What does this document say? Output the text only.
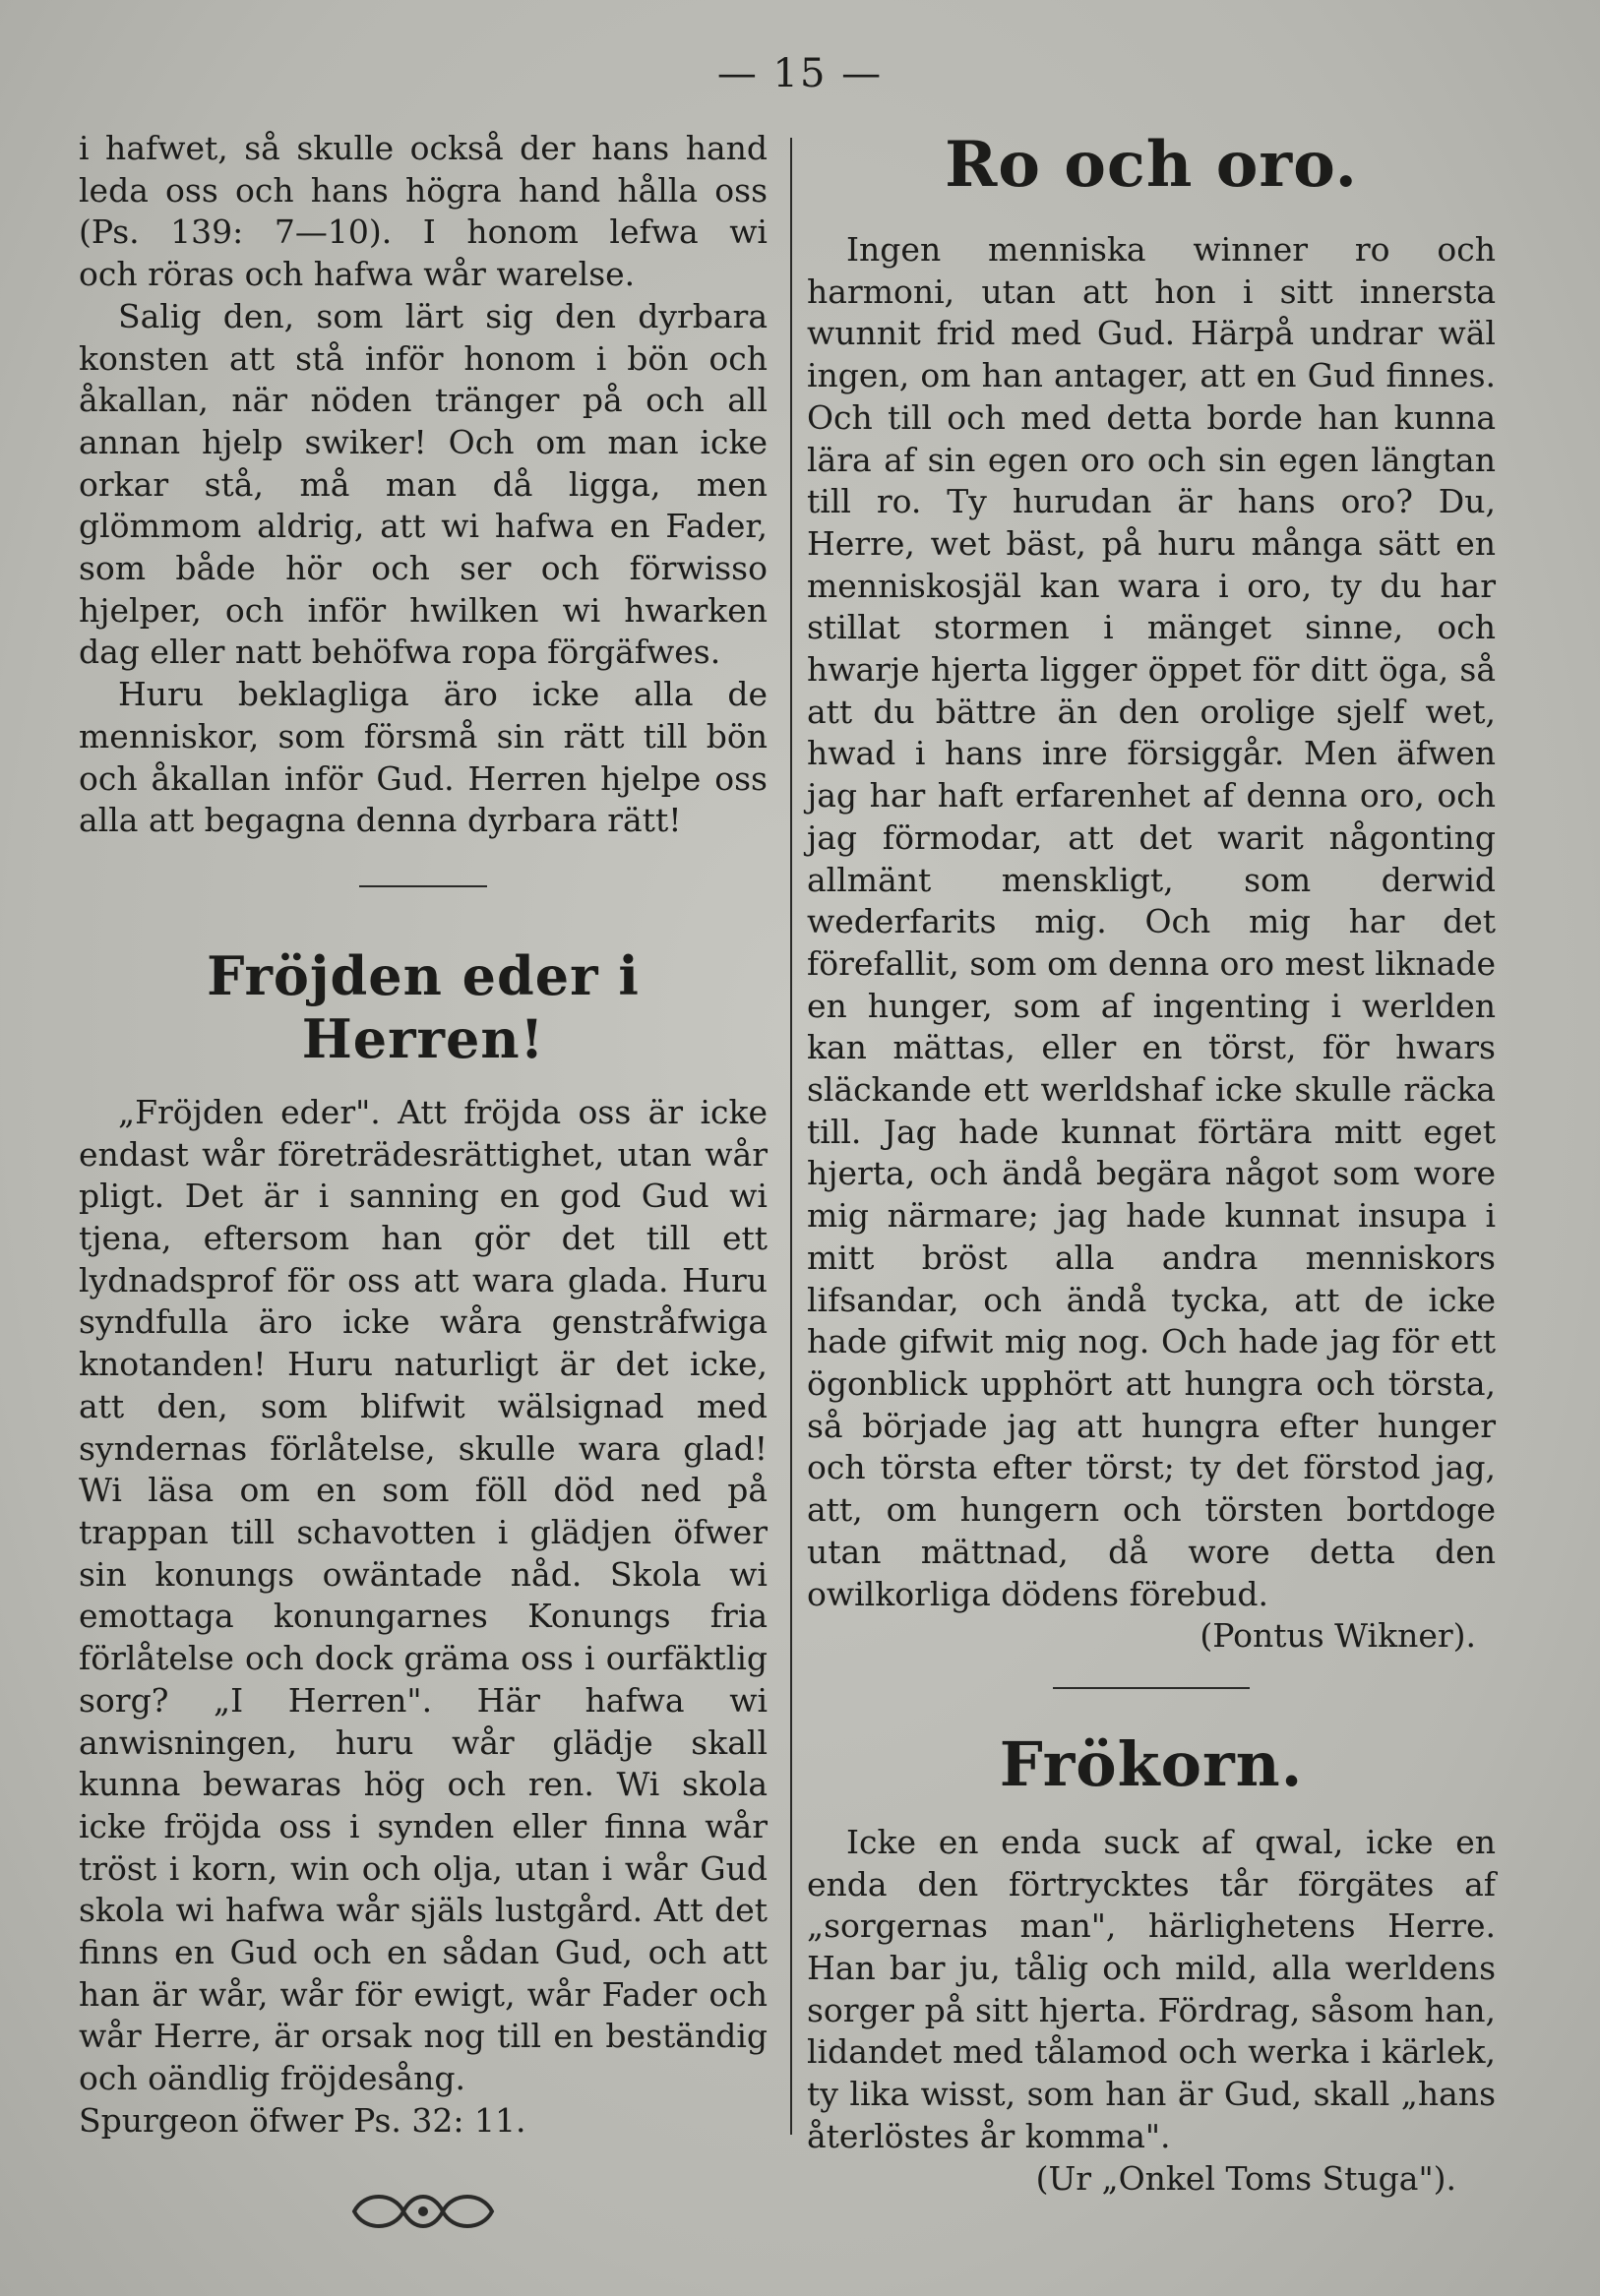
— 15 —

i hafwet, så skulle också der hans hand

leda oss och hans högra hand hålla oss

(Ps. 139: 7—10). I honom lefwa wi

och röras och hafwa wår warelse.

Salig den, som lärt sig den dyrbara konsten att stå inför honom i bön och åkallan, när nöden tränger på och all annan hjelp swiker! Och om man icke orkar stå, må man då ligga, men glömmom aldrig, att wi hafwa en Fader, som både hör och ser och förwisso hjelper, och inför hwilken wi hwarken dag eller natt behöfwa ropa förgäfwes.

Huru beklagliga äro icke alla de menniskor, som försmå sin rätt till bön och åkallan inför Gud. Herren hjelpe oss alla att begagna denna dyrbara rätt!

Fröjden eder i Herren!

„Fröjden eder". Att fröjda oss är icke endast wår företrädesrättighet, utan wår pligt. Det är i sanning en god Gud wi tjena, eftersom han gör det till ett lydnadsprof för oss att wara glada. Huru syndfulla äro icke wåra genstråfwiga knotanden! Huru naturligt är det icke, att den, som blifwit wälsignad med syndernas förlåtelse, skulle wara glad! Wi läsa om en som föll död ned på trappan till schavotten i glädjen öfwer sin konungs owäntade nåd. Skola wi emottaga konungarnes Konungs fria förlåtelse och dock gräma oss i ourfäktlig sorg? „I Herren". Här hafwa wi anwisningen, huru wår glädje skall kunna bewaras hög och ren. Wi skola icke fröjda oss i synden eller finna wår tröst i korn, win och olja, utan i wår Gud skola wi hafwa wår själs lustgård. Att det finns en Gud och en sådan Gud, och att han är wår, wår för ewigt, wår Fader och wår Herre, är orsak nog till en beständig och oändlig fröjdesång.

Spurgeon öfwer Ps. 32: 11.

Ro och oro.

Ingen menniska winner ro och harmoni, utan att hon i sitt innersta wunnit frid med Gud. Härpå undrar wäl ingen, om han antager, att en Gud finnes. Och till och med detta borde han kunna lära af sin egen oro och sin egen längtan till ro. Ty hurudan är hans oro? Du, Herre, wet bäst, på huru många sätt en menniskosjäl kan wara i oro, ty du har stillat stormen i mänget sinne, och hwarje hjerta ligger öppet för ditt öga, så att du bättre än den orolige sjelf wet, hwad i hans inre försiggår. Men äfwen jag har haft erfarenhet af denna oro, och jag förmodar, att det warit någonting allmänt menskligt, som derwid wederfarits mig. Och mig har det förefallit, som om denna oro mest liknade en hunger, som af ingenting i werlden kan mättas, eller en törst, för hwars släckande ett werldshaf icke skulle räcka till. Jag hade kunnat förtära mitt eget hjerta, och ändå begära något som wore mig närmare; jag hade kunnat insupa i mitt bröst alla andra menniskors lifsandar, och ändå tycka, att de icke hade gifwit mig nog. Och hade jag för ett ögonblick upphört att hungra och törsta, så började jag att hungra efter hunger och törsta efter törst; ty det förstod jag, att, om hungern och törsten bortdoge utan mättnad, då wore detta den owilkorliga dödens förebud.

(Pontus Wikner).
Frökorn.

Icke en enda suck af qwal, icke en enda den förtrycktes tår förgätes af „sorgernas man", härlighetens Herre. Han bar ju, tålig och mild, alla werldens sorger på sitt hjerta. Fördrag, såsom han, lidandet med tålamod och werka i kärlek, ty lika wisst, som han är Gud, skall „hans återlöstes år komma".

(Ur „Onkel Toms Stuga").
